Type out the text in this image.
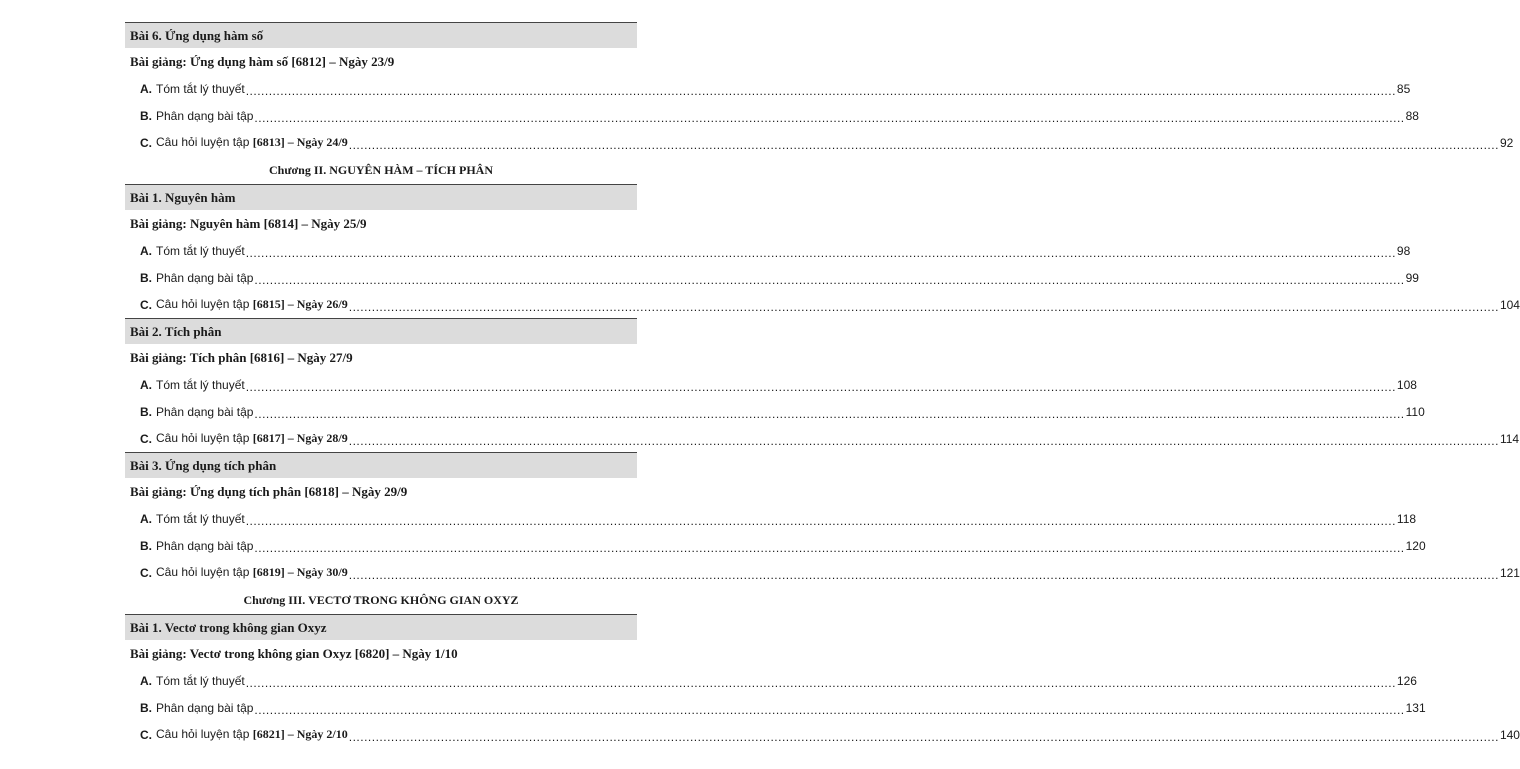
Bài 6. Ứng dụng hàm số
Bài giảng: Ứng dụng hàm số [6812] – Ngày 23/9
A. Tóm tắt lý thuyết ............................................................................................................................................................................................................................................................................................................ 85
B. Phân dạng bài tập ............................................................................................................................................................................................................................................................................................................ 88
C. Câu hỏi luyện tập [6813] – Ngày 24/9 ............................................................................................................................................................................................................................................................................................................ 92
Chương II. NGUYÊN HÀM – TÍCH PHÂN
Bài 1. Nguyên hàm
Bài giảng: Nguyên hàm [6814] – Ngày 25/9
A. Tóm tắt lý thuyết ............................................................................................................................................................................................................................................................................................................ 98
B. Phân dạng bài tập ............................................................................................................................................................................................................................................................................................................ 99
C. Câu hỏi luyện tập [6815] – Ngày 26/9 ............................................................................................................................................................................................................................................................................................................ 104
Bài 2. Tích phân
Bài giảng: Tích phân [6816] – Ngày 27/9
A. Tóm tắt lý thuyết ............................................................................................................................................................................................................................................................................................................ 108
B. Phân dạng bài tập ............................................................................................................................................................................................................................................................................................................ 110
C. Câu hỏi luyện tập [6817] – Ngày 28/9 ............................................................................................................................................................................................................................................................................................................ 114
Bài 3. Ứng dụng tích phân
Bài giảng: Ứng dụng tích phân [6818] – Ngày 29/9
A. Tóm tắt lý thuyết ............................................................................................................................................................................................................................................................................................................ 118
B. Phân dạng bài tập ............................................................................................................................................................................................................................................................................................................ 120
C. Câu hỏi luyện tập [6819] – Ngày 30/9 ............................................................................................................................................................................................................................................................................................................ 121
Chương III. VECTƠ TRONG KHÔNG GIAN OXYZ
Bài 1. Vectơ trong không gian Oxyz
Bài giảng: Vectơ trong không gian Oxyz [6820] – Ngày 1/10
A. Tóm tắt lý thuyết ............................................................................................................................................................................................................................................................................................................ 126
B. Phân dạng bài tập ............................................................................................................................................................................................................................................................................................................ 131
C. Câu hỏi luyện tập [6821] – Ngày 2/10 ............................................................................................................................................................................................................................................................................................................ 140
